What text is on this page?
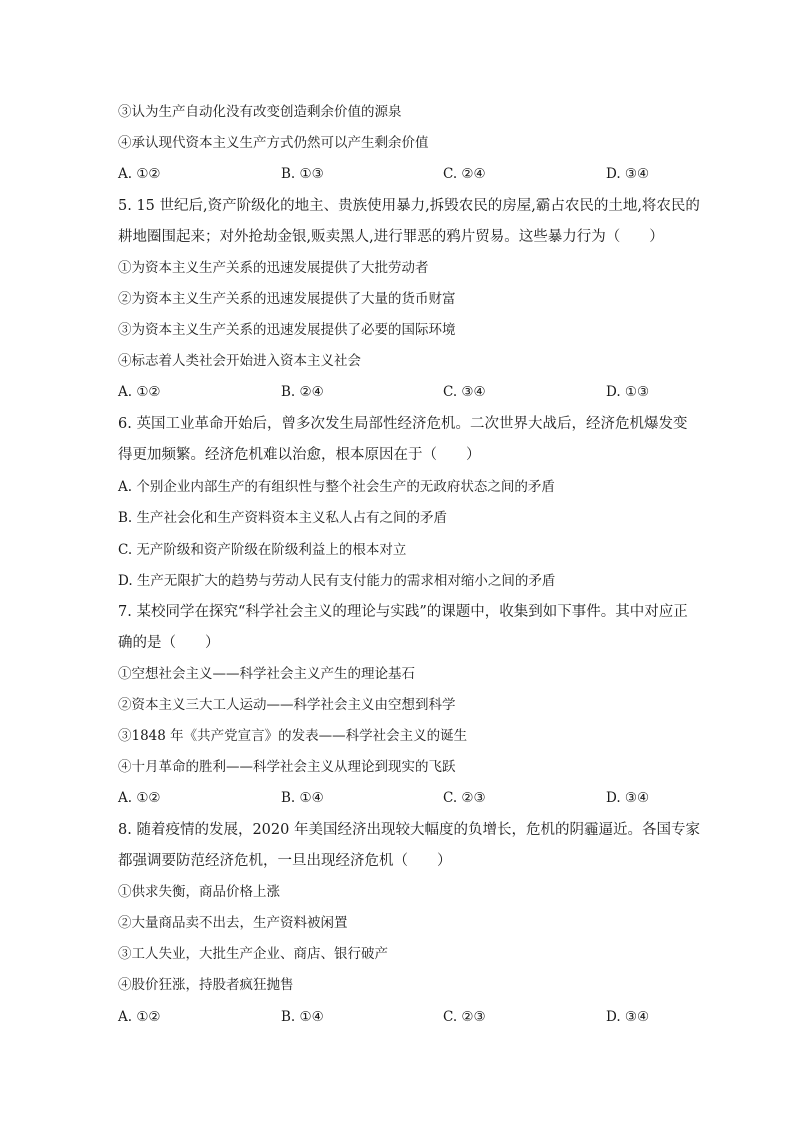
③认为生产自动化没有改变创造剩余价值的源泉
④承认现代资本主义生产方式仍然可以产生剩余价值
A. ①②	B. ①③	C. ②④	D. ③④
5. 15 世纪后,资产阶级化的地主、贵族使用暴力,拆毁农民的房屋,霸占农民的土地,将农民的
耕地圈围起来；对外抢劫金银,贩卖黑人,进行罪恶的鸦片贸易。这些暴力行为（　　）
①为资本主义生产关系的迅速发展提供了大批劳动者
②为资本主义生产关系的迅速发展提供了大量的货币财富
③为资本主义生产关系的迅速发展提供了必要的国际环境
④标志着人类社会开始进入资本主义社会
A. ①②	B. ②④	C. ③④	D. ①③
6. 英国工业革命开始后，曾多次发生局部性经济危机。二次世界大战后，经济危机爆发变
得更加频繁。经济危机难以治愈，根本原因在于（　　）
A. 个别企业内部生产的有组织性与整个社会生产的无政府状态之间的矛盾
B. 生产社会化和生产资料资本主义私人占有之间的矛盾
C. 无产阶级和资产阶级在阶级利益上的根本对立
D. 生产无限扩大的趋势与劳动人民有支付能力的需求相对缩小之间的矛盾
7. 某校同学在探究“科学社会主义的理论与实践”的课题中，收集到如下事件。其中对应正
确的是（　　）
①空想社会主义——科学社会主义产生的理论基石
②资本主义三大工人运动——科学社会主义由空想到科学
③1848 年《共产党宣言》的发表——科学社会主义的诞生
④十月革命的胜利——科学社会主义从理论到现实的飞跃
A. ①②	B. ①④	C. ②③	D. ③④
8. 随着疫情的发展，2020 年美国经济出现较大幅度的负增长，危机的阴霾逼近。各国专家
都强调要防范经济危机，一旦出现经济危机（　　）
①供求失衡，商品价格上涨
②大量商品卖不出去，生产资料被闲置
③工人失业，大批生产企业、商店、银行破产
④股价狂涨，持股者疯狂抛售
A. ①②	B. ①④	C. ②③	D. ③④
